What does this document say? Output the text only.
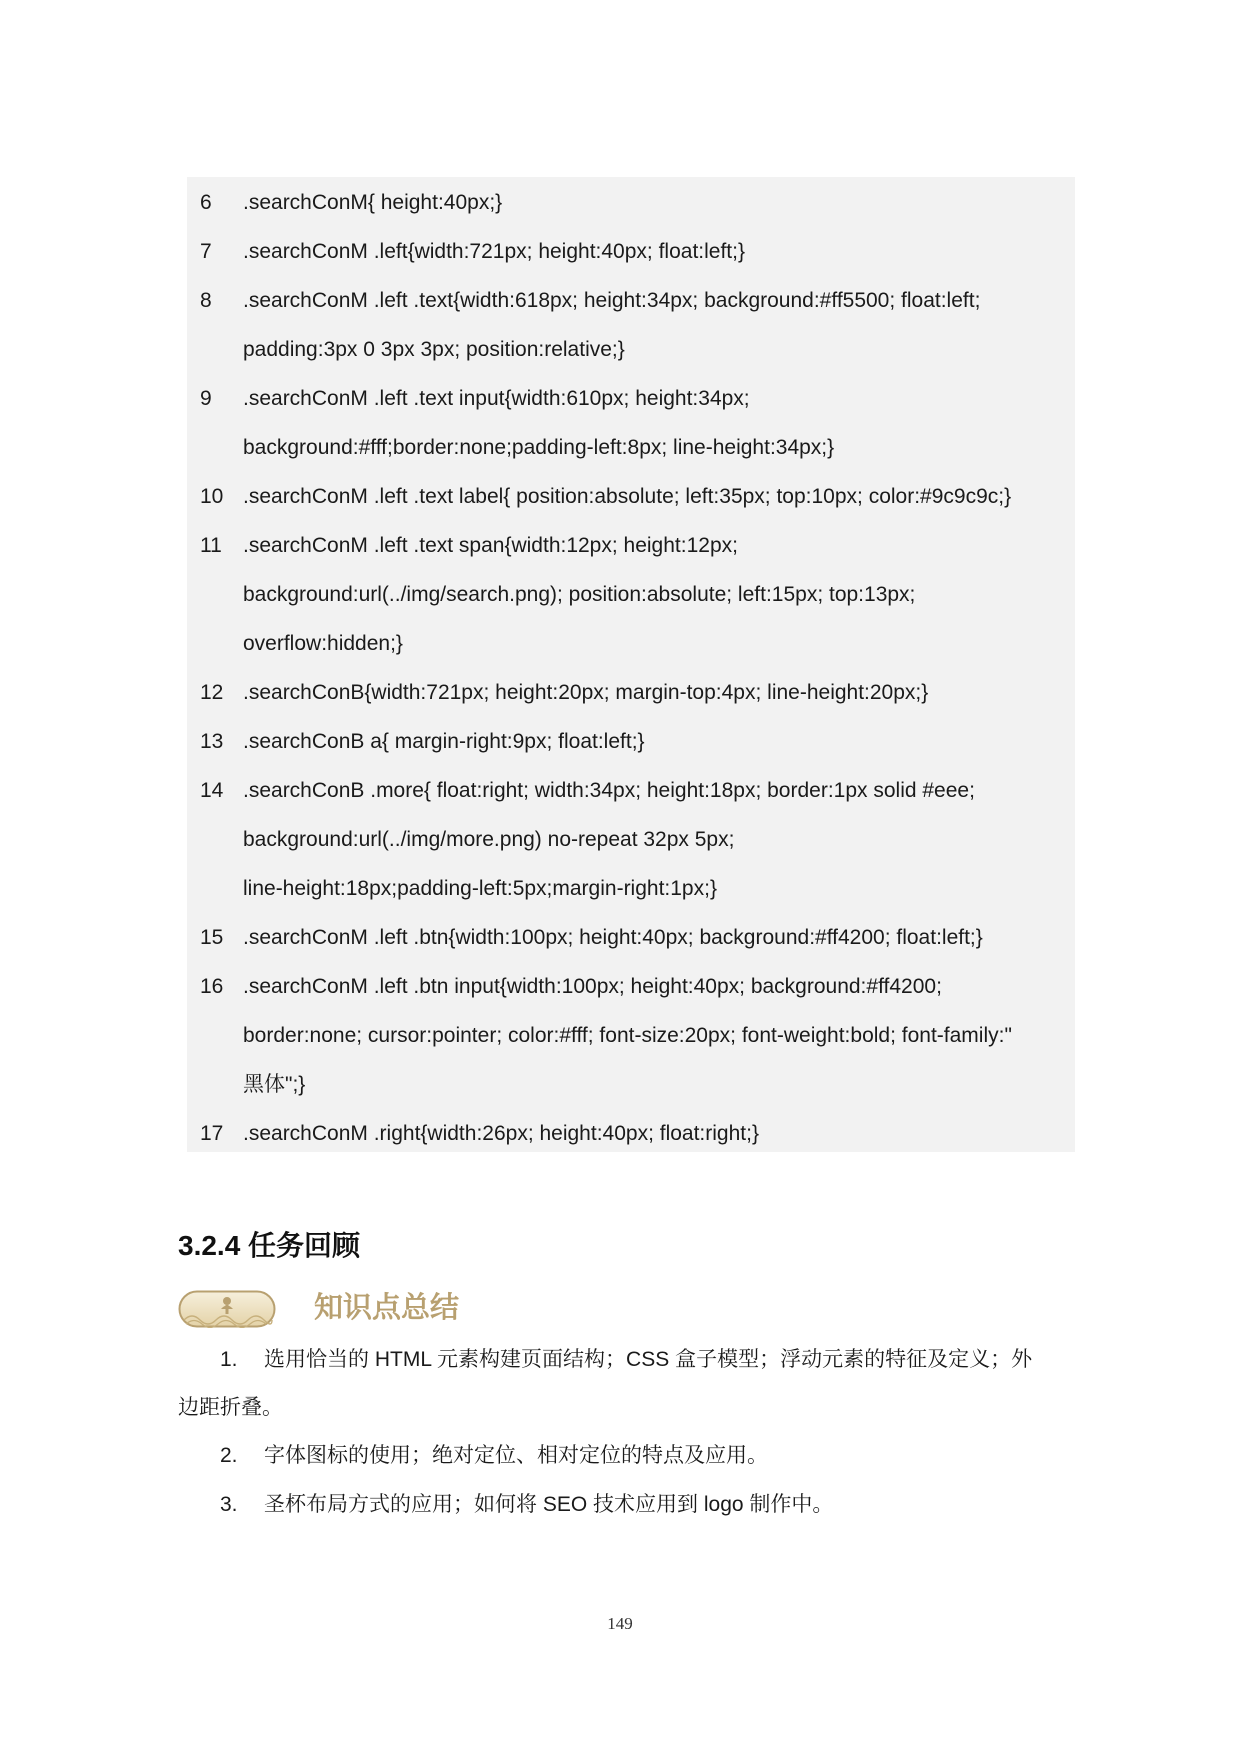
6 .searchConM{ height:40px;}
7 .searchConM .left{width:721px; height:40px; float:left;}
8 .searchConM .left .text{width:618px; height:34px; background:#ff5500; float:left;
padding:3px 0 3px 3px; position:relative;}
9 .searchConM .left .text input{width:610px; height:34px;
background:#fff;border:none;padding-left:8px; line-height:34px;}
10 .searchConM .left .text label{ position:absolute; left:35px; top:10px; color:#9c9c9c;}
11 .searchConM .left .text span{width:12px; height:12px;
background:url(../img/search.png); position:absolute; left:15px; top:13px;
overflow:hidden;}
12 .searchConB{width:721px; height:20px; margin-top:4px; line-height:20px;}
13 .searchConB a{ margin-right:9px; float:left;}
14 .searchConB .more{ float:right; width:34px; height:18px; border:1px solid #eee;
background:url(../img/more.png) no-repeat 32px 5px;
line-height:18px;padding-left:5px;margin-right:1px;}
15 .searchConM .left .btn{width:100px; height:40px; background:#ff4200; float:left;}
16 .searchConM .left .btn input{width:100px; height:40px; background:#ff4200;
border:none; cursor:pointer; color:#fff; font-size:20px; font-weight:bold; font-family:"
黑体";}
17 .searchConM .right{width:26px; height:40px; float:right;}
3.2.4 任务回顾
知识点总结
1. 选用恰当的 HTML 元素构建页面结构；CSS 盒子模型；浮动元素的特征及定义；外
边距折叠。
2. 字体图标的使用；绝对定位、相对定位的特点及应用。
3. 圣杯布局方式的应用；如何将 SEO 技术应用到 logo 制作中。
149
